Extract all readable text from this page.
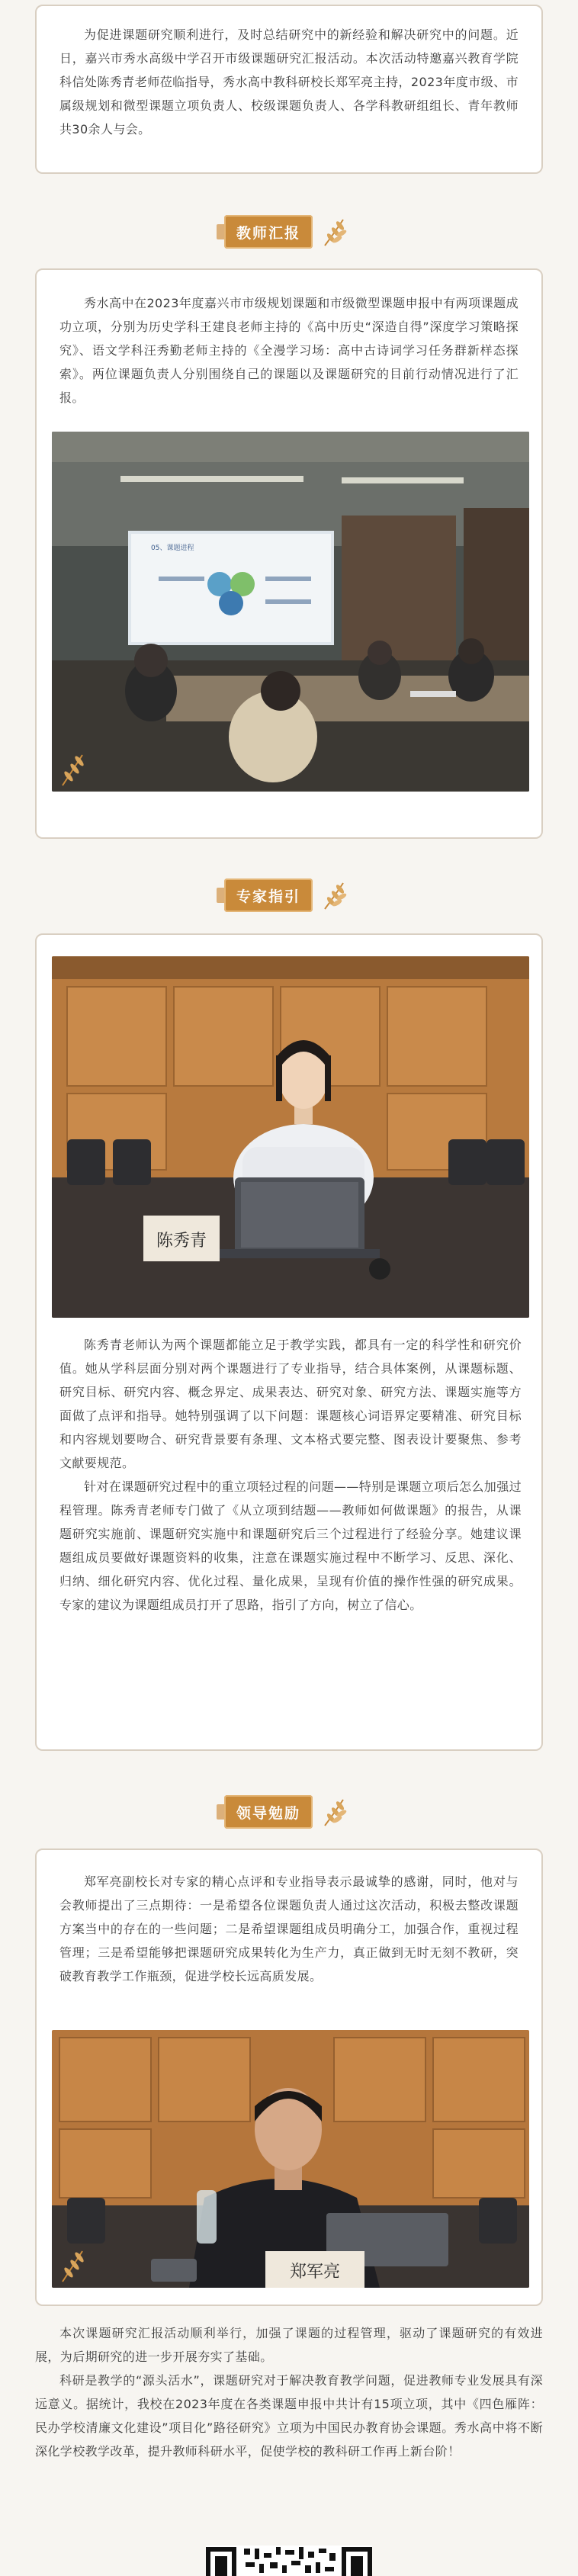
为促进课题研究顺利进行，及时总结研究中的新经验和解决研究中的问题。近日，嘉兴市秀水高级中学召开市级课题研究汇报活动。本次活动特邀嘉兴教育学院科信处陈秀青老师莅临指导，秀水高中教科研校长郑军亮主持，2023年度市级、市属级规划和微型课题立项负责人、校级课题负责人、各学科教研组组长、青年教师共30余人与会。

教师汇报

秀水高中在2023年度嘉兴市市级规划课题和市级微型课题申报中有两项课题成功立项，分别为历史学科王建良老师主持的《高中历史“深造自得”深度学习策略探究》、语文学科汪秀勤老师主持的《全漫学习场：高中古诗词学习任务群新样态探索》。两位课题负责人分别围绕自己的课题以及课题研究的目前行动情况进行了汇报。

05、课题进程
专家指引
陈秀青

陈秀青老师认为两个课题都能立足于教学实践，都具有一定的科学性和研究价值。她从学科层面分别对两个课题进行了专业指导，结合具体案例，从课题标题、研究目标、研究内容、概念界定、成果表达、研究对象、研究方法、课题实施等方面做了点评和指导。她特别强调了以下问题：课题核心词语界定要精准、研究目标和内容规划要吻合、研究背景要有条理、文本格式要完整、图表设计要聚焦、参考文献要规范。

针对在课题研究过程中的重立项轻过程的问题——特别是课题立项后怎么加强过程管理。陈秀青老师专门做了《从立项到结题——教师如何做课题》的报告，从课题研究实施前、课题研究实施中和课题研究后三个过程进行了经验分享。她建议课题组成员要做好课题资料的收集，注意在课题实施过程中不断学习、反思、深化、归纳、细化研究内容、优化过程、量化成果，呈现有价值的操作性强的研究成果。专家的建议为课题组成员打开了思路，指引了方向，树立了信心。

领导勉励

郑军亮副校长对专家的精心点评和专业指导表示最诚挚的感谢，同时，他对与会教师提出了三点期待：一是希望各位课题负责人通过这次活动，积极去整改课题方案当中的存在的一些问题；二是希望课题组成员明确分工，加强合作，重视过程管理；三是希望能够把课题研究成果转化为生产力，真正做到无时无刻不教研，突破教育教学工作瓶颈，促进学校长远高质发展。

郑军亮

本次课题研究汇报活动顺利举行，加强了课题的过程管理，驱动了课题研究的有效进展，为后期研究的进一步开展夯实了基础。

科研是教学的“源头活水”，课题研究对于解决教育教学问题，促进教师专业发展具有深远意义。据统计，我校在2023年度在各类课题申报中共计有15项立项，其中《四色雁阵：民办学校清廉文化建设”项目化”路径研究》立项为中国民办教育协会课题。秀水高中将不断深化学校教学改革，提升教师科研水平，促使学校的教科研工作再上新台阶！
